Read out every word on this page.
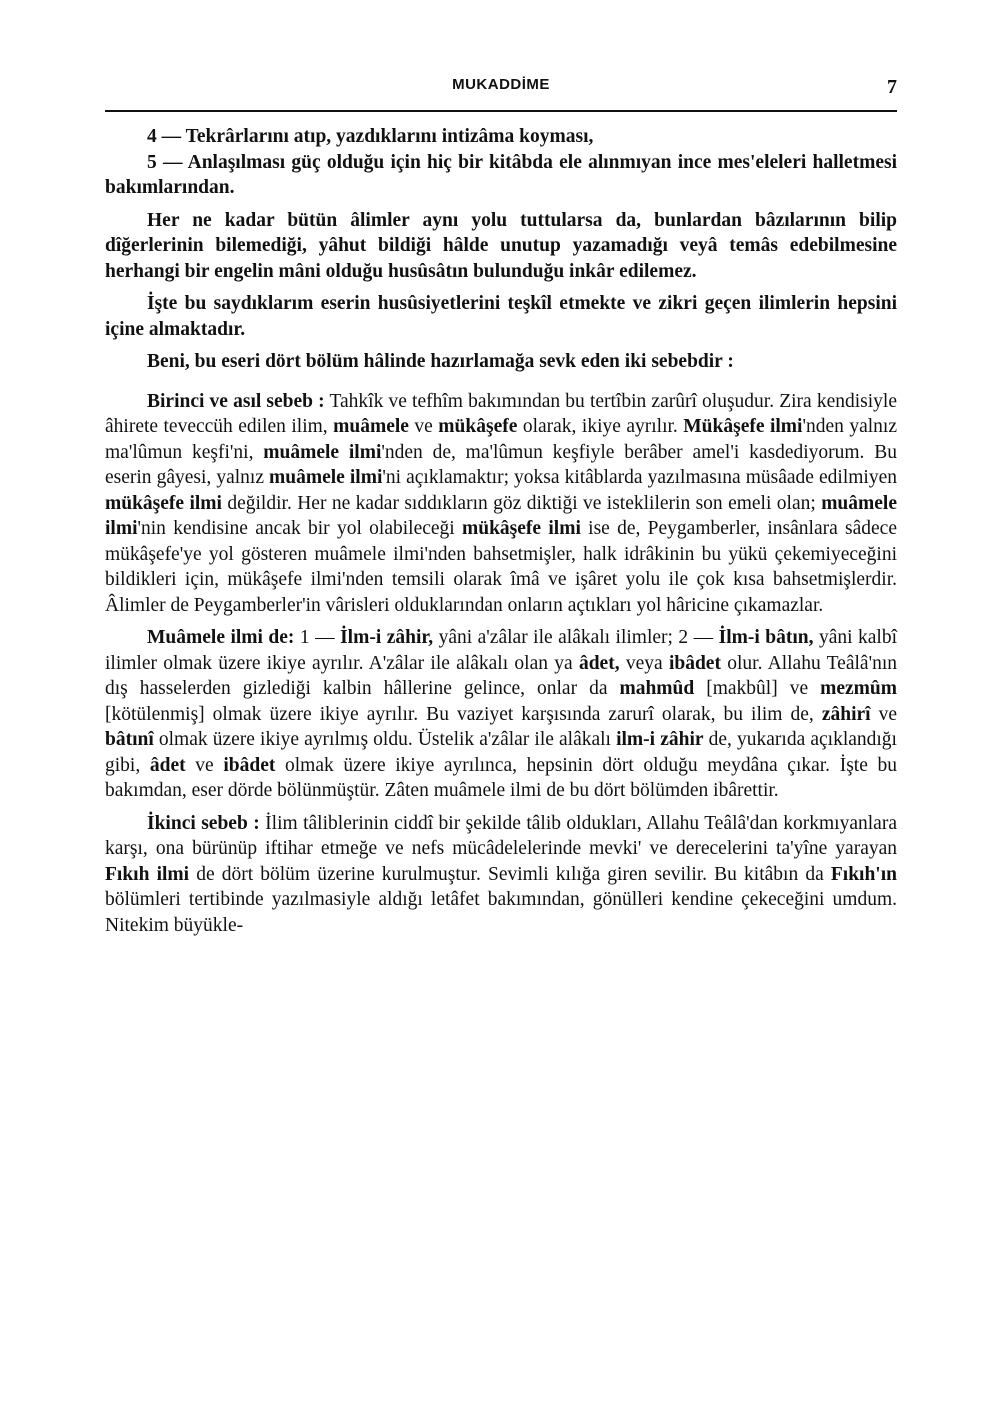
MUKADDİME	7

4 — Tekrârlarını atıp, yazdıklarını intizâma koyması,

5 — Anlaşılması güç olduğu için hiç bir kitâbda ele alınmıyan ince mes'eleleri halletmesi bakımlarından.

Her ne kadar bütün âlimler aynı yolu tuttularsa da, bunlardan bâzılarının bilip dîğerlerinin bilemediği, yâhut bildiği hâlde unutup yazamadığı veyâ temâs edebilmesine herhangi bir engelin mâni olduğu husûsâtın bulunduğu inkâr edilemez.

İşte bu saydıklarım eserin husûsiyetlerini teşkîl etmekte ve zikri geçen ilimlerin hepsini içine almaktadır.

Beni, bu eseri dört bölüm hâlinde hazırlamağa sevk eden iki sebebdir :

Birinci ve asıl sebeb : Tahkîk ve tefhîm bakımından bu tertîbin zarûrî oluşudur. Zira kendisiyle âhirete teveccüh edilen ilim, muâmele ve mükâşefe olarak, ikiye ayrılır. Mükâşefe ilmi'nden yalnız ma'lûmun keşfi'ni, muâmele ilmi'nden de, ma'lûmun keşfiyle berâber amel'i kasdediyorum. Bu eserin gâyesi, yalnız muâmele ilmi'ni açıklamaktır; yoksa kitâblarda yazılmasına müsâade edilmiyen mükâşefe ilmi değildir. Her ne kadar sıddıkların göz diktiği ve isteklilerin son emeli olan; muâmele ilmi'nin kendisine ancak bir yol olabileceği mükâşefe ilmi ise de, Peygamberler, insânlara sâdece mükâşefe'ye yol gösteren muâmele ilmi'nden bahsetmişler, halk idrâkinin bu yükü çekemiyeceğini bildikleri için, mükâşefe ilmi'nden temsili olarak îmâ ve işâret yolu ile çok kısa bahsetmişlerdir. Âlimler de Peygamberler'in vârisleri olduklarından onların açtıkları yol hâricine çıkamazlar.

Muâmele ilmi de: 1 — İlm-i zâhir, yâni a'zâlar ile alâkalı ilimler; 2 — İlm-i bâtın, yâni kalbî ilimler olmak üzere ikiye ayrılır. A'zâlar ile alâkalı olan ya âdet, veya ibâdet olur. Allahu Teâlâ'nın dış hasselerden gizlediği kalbin hâllerine gelince, onlar da mahmûd [makbûl] ve mezmûm [kötülenmiş] olmak üzere ikiye ayrılır. Bu vaziyet karşısında zarurî olarak, bu ilim de, zâhirî ve bâtınî olmak üzere ikiye ayrılmış oldu. Üstelik a'zâlar ile alâkalı ilm-i zâhir de, yukarıda açıklandığı gibi, âdet ve ibâdet olmak üzere ikiye ayrılınca, hepsinin dört olduğu meydâna çıkar. İşte bu bakımdan, eser dörde bölünmüştür. Zâten muâmele ilmi de bu dört bölümden ibârettir.

İkinci sebeb : İlim tâliblerinin ciddî bir şekilde tâlib oldukları, Allahu Teâlâ'dan korkmıyanlara karşı, ona bürünüp iftihar etmeğe ve nefs mücâdelelerinde mevki' ve derecelerini ta'yîne yarayan Fıkıh ilmi de dört bölüm üzerine kurulmuştur. Sevimli kılığa giren sevilir. Bu kitâbın da Fıkıh'ın bölümleri tertibinde yazılmasiyle aldığı letâfet bakımından, gönülleri kendine çekeceğini umdum. Nitekim büyükle-
